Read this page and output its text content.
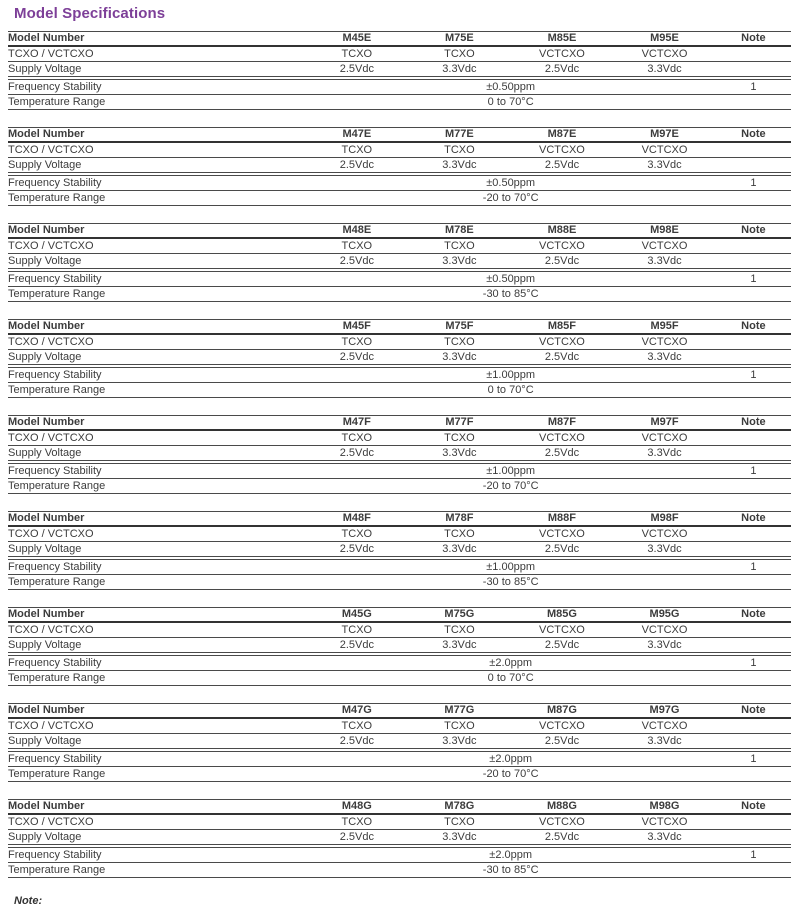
Model Specifications
Model Number	M45E	M75E	M85E	M95E	Note
TCXO / VCTCXO	TCXO	TCXO	VCTCXO	VCTCXO	
Supply Voltage	2.5Vdc	3.3Vdc	2.5Vdc	3.3Vdc	
Frequency Stability	±0.50ppm				1
Temperature Range	0 to 70°C				
Model Number	M47E	M77E	M87E	M97E	Note
TCXO / VCTCXO	TCXO	TCXO	VCTCXO	VCTCXO	
Supply Voltage	2.5Vdc	3.3Vdc	2.5Vdc	3.3Vdc	
Frequency Stability	±0.50ppm				1
Temperature Range	-20 to 70°C				
Model Number	M48E	M78E	M88E	M98E	Note
TCXO / VCTCXO	TCXO	TCXO	VCTCXO	VCTCXO	
Supply Voltage	2.5Vdc	3.3Vdc	2.5Vdc	3.3Vdc	
Frequency Stability	±0.50ppm				1
Temperature Range	-30 to 85°C				
Model Number	M45F	M75F	M85F	M95F	Note
TCXO / VCTCXO	TCXO	TCXO	VCTCXO	VCTCXO	
Supply Voltage	2.5Vdc	3.3Vdc	2.5Vdc	3.3Vdc	
Frequency Stability	±1.00ppm				1
Temperature Range	0 to 70°C				
Model Number	M47F	M77F	M87F	M97F	Note
TCXO / VCTCXO	TCXO	TCXO	VCTCXO	VCTCXO	
Supply Voltage	2.5Vdc	3.3Vdc	2.5Vdc	3.3Vdc	
Frequency Stability	±1.00ppm				1
Temperature Range	-20 to 70°C				
Model Number	M48F	M78F	M88F	M98F	Note
TCXO / VCTCXO	TCXO	TCXO	VCTCXO	VCTCXO	
Supply Voltage	2.5Vdc	3.3Vdc	2.5Vdc	3.3Vdc	
Frequency Stability	±1.00ppm				1
Temperature Range	-30 to 85°C				
Model Number	M45G	M75G	M85G	M95G	Note
TCXO / VCTCXO	TCXO	TCXO	VCTCXO	VCTCXO	
Supply Voltage	2.5Vdc	3.3Vdc	2.5Vdc	3.3Vdc	
Frequency Stability	±2.0ppm				1
Temperature Range	0 to 70°C				
Model Number	M47G	M77G	M87G	M97G	Note
TCXO / VCTCXO	TCXO	TCXO	VCTCXO	VCTCXO	
Supply Voltage	2.5Vdc	3.3Vdc	2.5Vdc	3.3Vdc	
Frequency Stability	±2.0ppm				1
Temperature Range	-20 to 70°C				
Model Number	M48G	M78G	M88G	M98G	Note
TCXO / VCTCXO	TCXO	TCXO	VCTCXO	VCTCXO	
Supply Voltage	2.5Vdc	3.3Vdc	2.5Vdc	3.3Vdc	
Frequency Stability	±2.0ppm				1
Temperature Range	-30 to 85°C				
Note:
